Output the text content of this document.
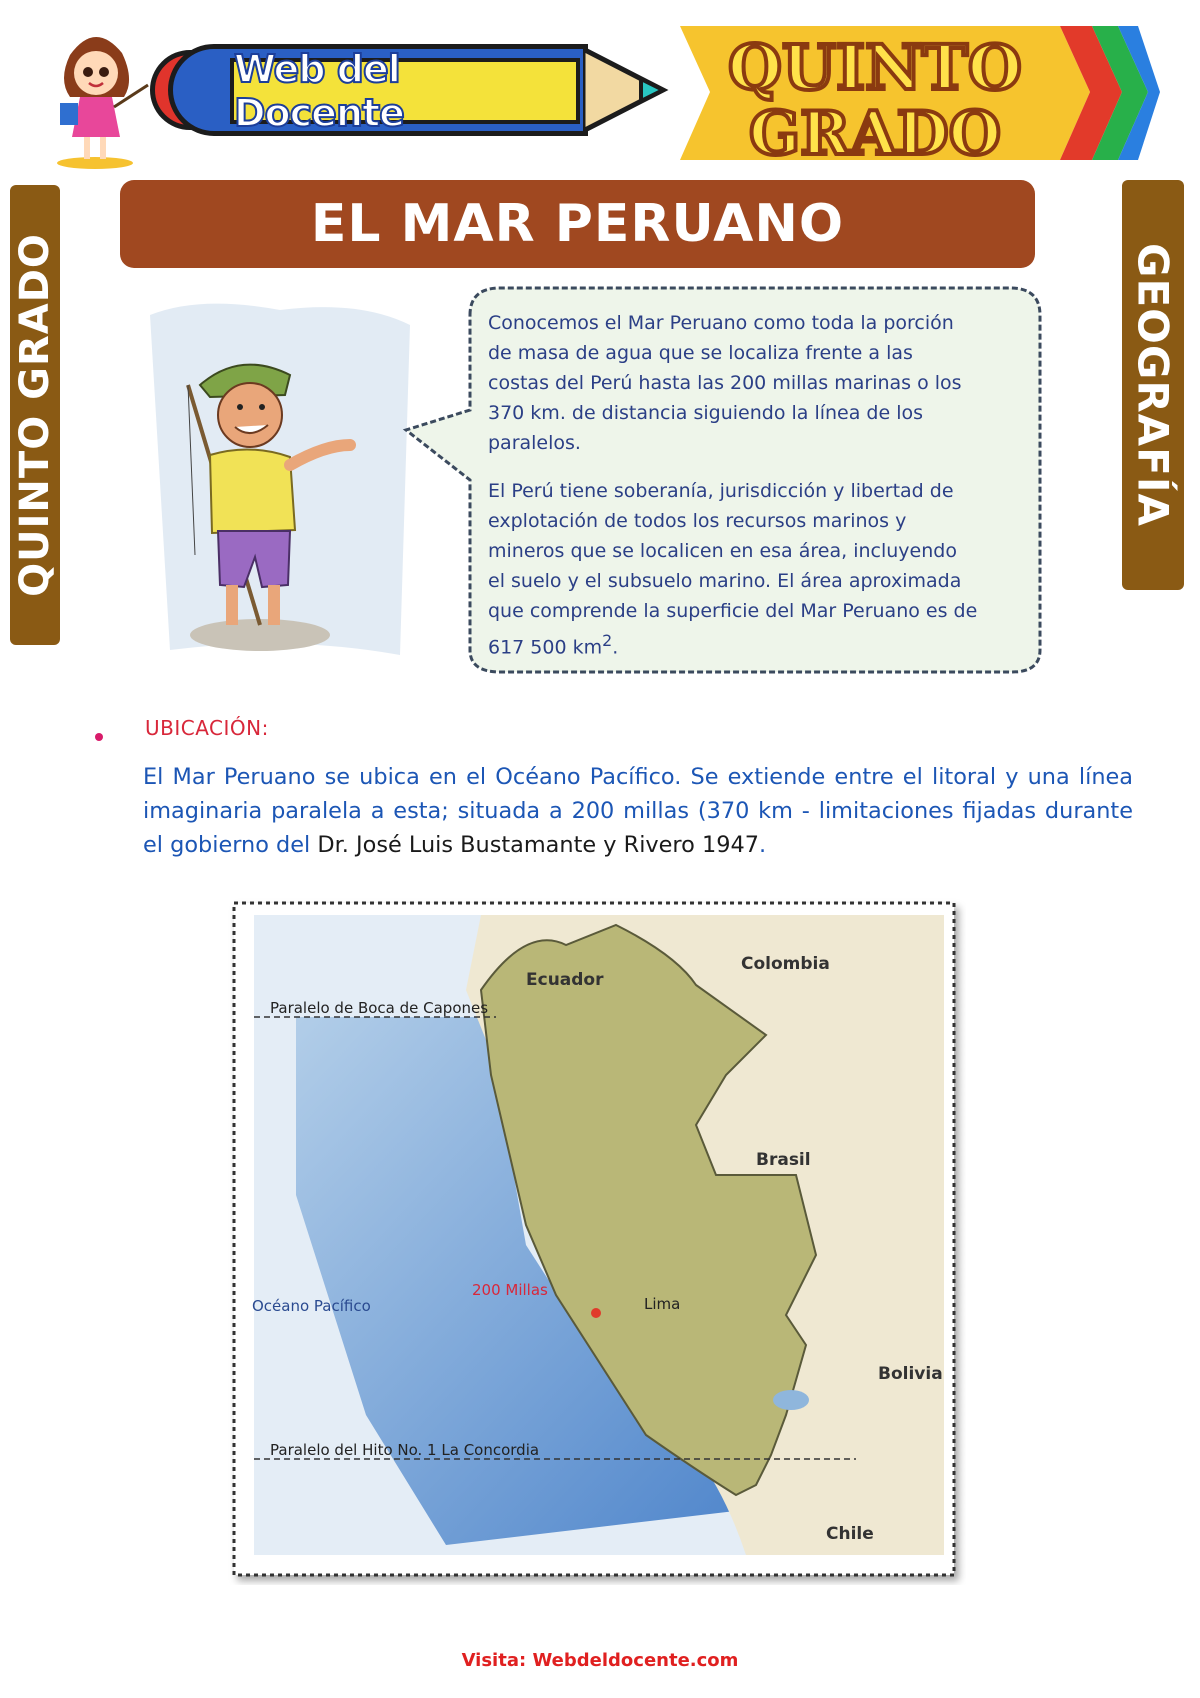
Web del Docente
QUINTO
GRADO
EL MAR PERUANO
QUINTO GRADO	GEOGRAFÍA

Conocemos el Mar Peruano como toda la porción de masa de agua que se localiza frente a las costas del Perú hasta las 200 millas marinas o los 370 km. de distancia siguiendo la línea de los paralelos.

El Perú tiene soberanía, jurisdicción y libertad de explotación de todos los recursos marinos y mineros que se localicen en esa área, incluyendo el suelo y el subsuelo marino. El área aproximada que comprende la superficie del Mar Peruano es de 617 500 $km^2$.

UBICACIÓN:
El Mar Peruano se ubica en el Océano Pacífico. Se extiende entre el litoral y una línea imaginaria paralela a esta; situada a 200 millas (370 km - limitaciones fijadas durante el gobierno del Dr. José Luis Bustamante y Rivero 1947.
Ecuador
Colombia
Brasil
Bolivia
Chile
Océano Pacífico
200 Millas
Lima
Paralelo de Boca de Capones
Paralelo del Hito No. 1 La Concordia
Visita: Webdeldocente.com
